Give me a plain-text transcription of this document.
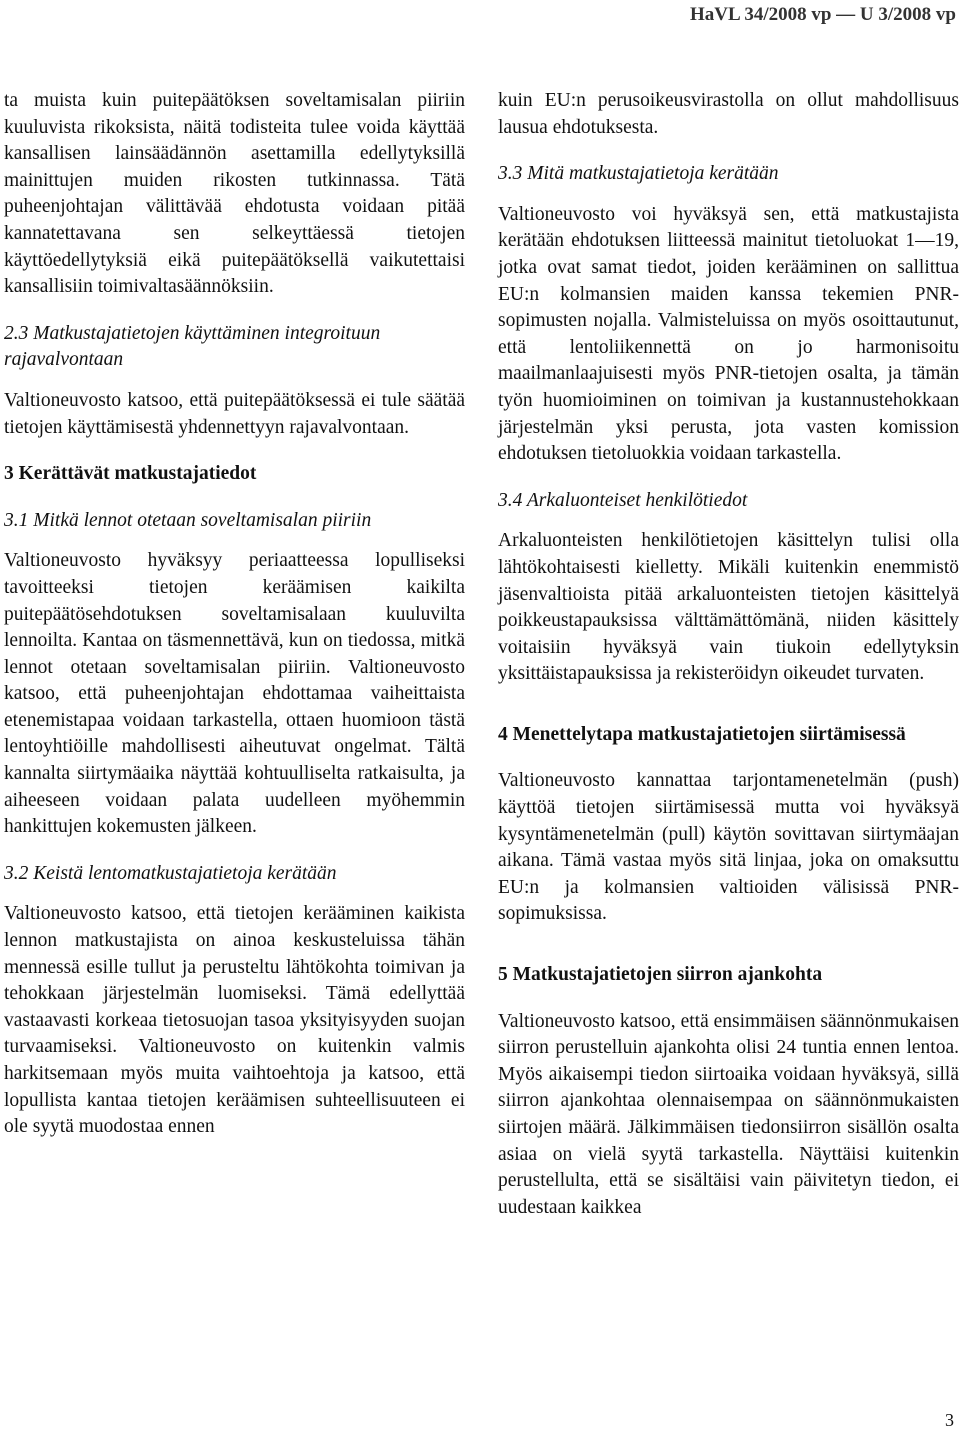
HaVL 34/2008 vp — U 3/2008 vp

ta muista kuin puitepäätöksen soveltamisalan piiriin kuuluvista rikoksista, näitä todisteita tulee voida käyttää kansallisen lainsäädännön asettamilla edellytyksillä mainittujen muiden rikosten tutkinnassa. Tätä puheenjohtajan välittävää ehdotusta voidaan pitää kannatettavana sen selkeyttäessä tietojen käyttöedellytyksiä eikä puitepäätöksellä vaikutettaisi kansallisiin toimivaltasäännöksiin.

2.3 Matkustajatietojen käyttäminen integroituun rajavalvontaan

Valtioneuvosto katsoo, että puitepäätöksessä ei tule säätää tietojen käyttämisestä yhdennettyyn rajavalvontaan.

3 Kerättävät matkustajatiedot
3.1 Mitkä lennot otetaan soveltamisalan piiriin

Valtioneuvosto hyväksyy periaatteessa lopulliseksi tavoitteeksi tietojen keräämisen kaikilta puitepäätösehdotuksen soveltamisalaan kuuluvilta lennoilta. Kantaa on täsmennettävä, kun on tiedossa, mitkä lennot otetaan soveltamisalan piiriin. Valtioneuvosto katsoo, että puheenjohtajan ehdottamaa vaiheittaista etenemistapaa voidaan tarkastella, ottaen huomioon tästä lentoyhtiöille mahdollisesti aiheutuvat ongelmat. Tältä kannalta siirtymäaika näyttää kohtuulliselta ratkaisulta, ja aiheeseen voidaan palata uudelleen myöhemmin hankittujen kokemusten jälkeen.

3.2 Keistä lentomatkustajatietoja kerätään

Valtioneuvosto katsoo, että tietojen kerääminen kaikista lennon matkustajista on ainoa keskusteluissa tähän mennessä esille tullut ja perusteltu lähtökohta toimivan ja tehokkaan järjestelmän luomiseksi. Tämä edellyttää vastaavasti korkeaa tietosuojan tasoa yksityisyyden suojan turvaamiseksi. Valtioneuvosto on kuitenkin valmis harkitsemaan myös muita vaihtoehtoja ja katsoo, että lopullista kantaa tietojen keräämisen suhteellisuuteen ei ole syytä muodostaa ennen

kuin EU:n perusoikeusvirastolla on ollut mahdollisuus lausua ehdotuksesta.

3.3 Mitä matkustajatietoja kerätään

Valtioneuvosto voi hyväksyä sen, että matkustajista kerätään ehdotuksen liitteessä mainitut tietoluokat 1—19, jotka ovat samat tiedot, joiden kerääminen on sallittua EU:n kolmansien maiden kanssa tekemien PNR-sopimusten nojalla. Valmisteluissa on myös osoittautunut, että lentoliikennettä on jo harmonisoitu maailmanlaajuisesti myös PNR-tietojen osalta, ja tämän työn huomioiminen on toimivan ja kustannustehokkaan järjestelmän yksi perusta, jota vasten komission ehdotuksen tietoluokkia voidaan tarkastella.

3.4 Arkaluonteiset henkilötiedot

Arkaluonteisten henkilötietojen käsittelyn tulisi olla lähtökohtaisesti kielletty. Mikäli kuitenkin enemmistö jäsenvaltioista pitää arkaluonteisten tietojen käsittelyä poikkeustapauksissa välttämättömänä, niiden käsittely voitaisiin hyväksyä vain tiukoin edellytyksin yksittäistapauksissa ja rekisteröidyn oikeudet turvaten.

4 Menettelytapa matkustajatietojen siirtämisessä

Valtioneuvosto kannattaa tarjontamenetelmän (push) käyttöä tietojen siirtämisessä mutta voi hyväksyä kysyntämenetelmän (pull) käytön sovittavan siirtymäajan aikana. Tämä vastaa myös sitä linjaa, joka on omaksuttu EU:n ja kolmansien valtioiden välisissä PNR-sopimuksissa.

5 Matkustajatietojen siirron ajankohta

Valtioneuvosto katsoo, että ensimmäisen säännönmukaisen siirron perustelluin ajankohta olisi 24 tuntia ennen lentoa. Myös aikaisempi tiedon siirtoaika voidaan hyväksyä, sillä siirron ajankohtaa olennaisempaa on säännönmukaisten siirtojen määrä. Jälkimmäisen tiedonsiirron sisällön osalta asiaa on vielä syytä tarkastella. Näyttäisi kuitenkin perustellulta, että se sisältäisi vain päivitetyn tiedon, ei uudestaan kaikkea

3
